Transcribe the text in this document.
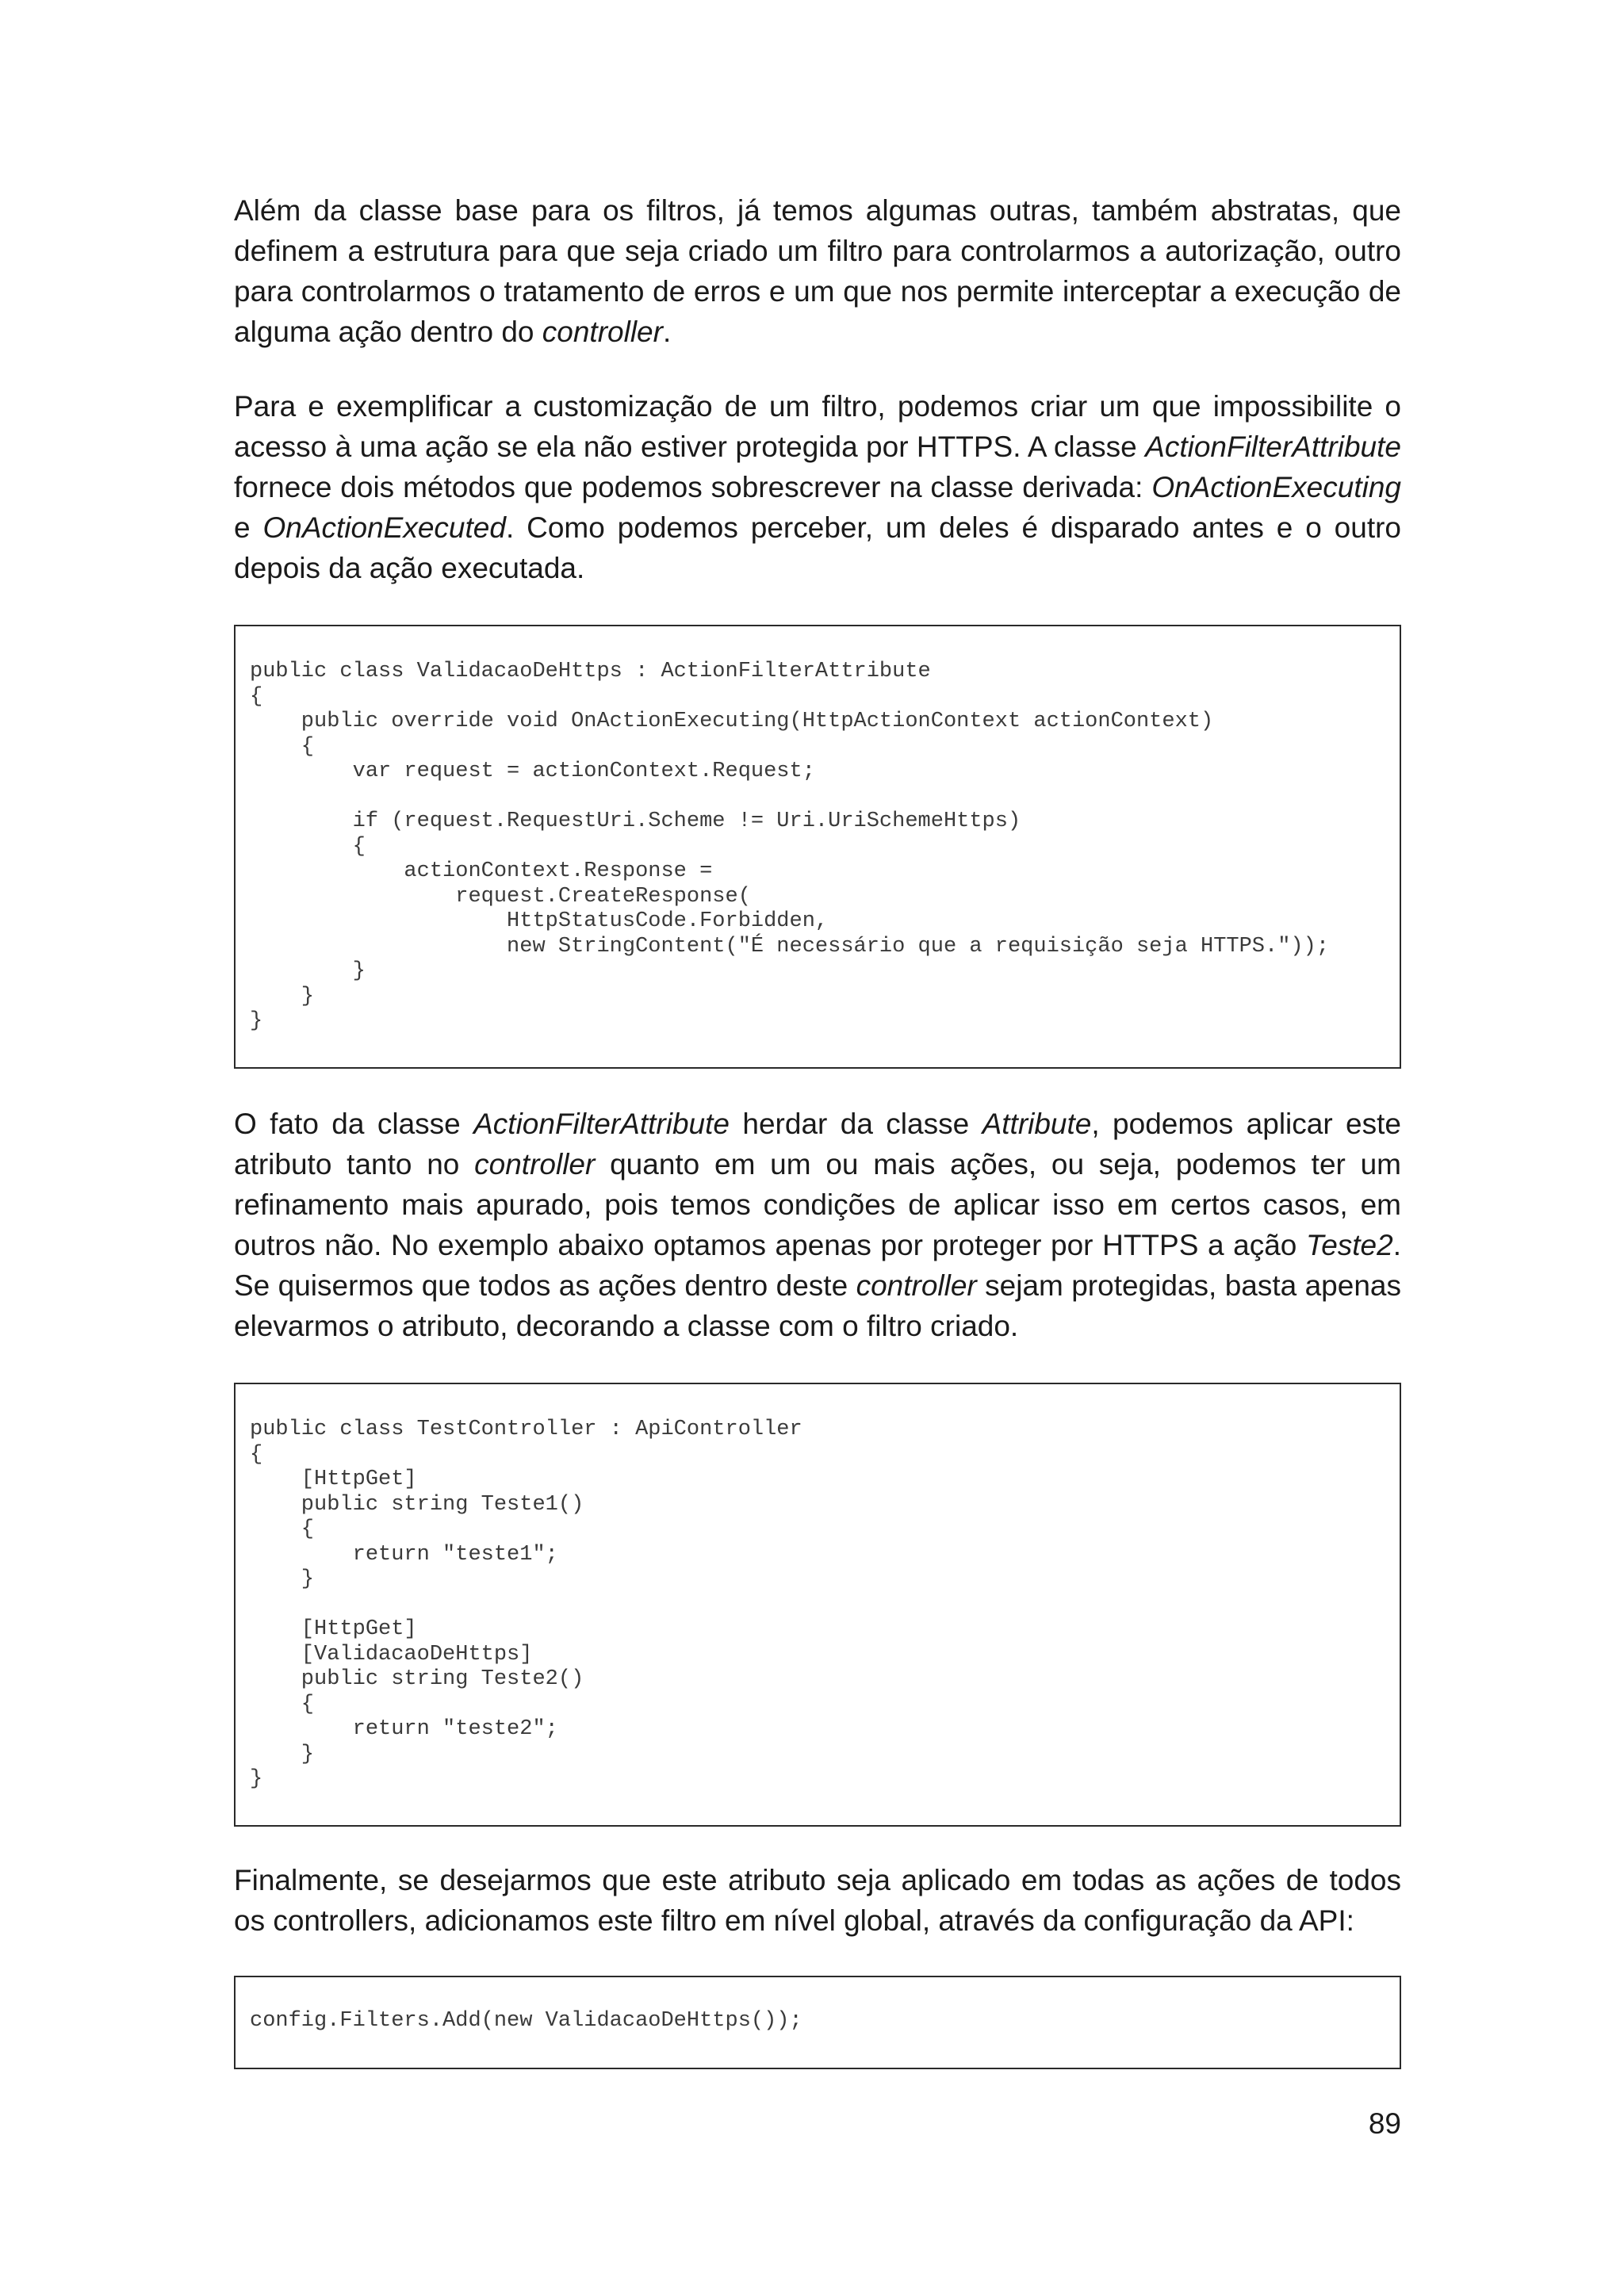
Além da classe base para os filtros, já temos algumas outras, também abstratas, que definem a estrutura para que seja criado um filtro para controlarmos a autorização, outro para controlarmos o tratamento de erros e um que nos permite interceptar a execução de alguma ação dentro do controller.

Para e exemplificar a customização de um filtro, podemos criar um que impossibilite o acesso à uma ação se ela não estiver protegida por HTTPS. A classe ActionFilterAttribute fornece dois métodos que podemos sobrescrever na classe derivada: OnActionExecuting e OnActionExecuted. Como podemos perceber, um deles é disparado antes e o outro depois da ação executada.

public class ValidacaoDeHttps : ActionFilterAttribute
{
public override void OnActionExecuting(HttpActionContext actionContext)
{
var request = actionContext.Request;
if (request.RequestUri.Scheme != Uri.UriSchemeHttps)
{
actionContext.Response =
request.CreateResponse(
HttpStatusCode.Forbidden,
new StringContent("É necessário que a requisição seja HTTPS."));
}
}
}

O fato da classe ActionFilterAttribute herdar da classe Attribute, podemos aplicar este atributo tanto no controller quanto em um ou mais ações, ou seja, podemos ter um refinamento mais apurado, pois temos condições de aplicar isso em certos casos, em outros não. No exemplo abaixo optamos apenas por proteger por HTTPS a ação Teste2. Se quisermos que todos as ações dentro deste controller sejam protegidas, basta apenas elevarmos o atributo, decorando a classe com o filtro criado.

public class TestController : ApiController
{
[HttpGet]
public string Teste1()
{
return "teste1";
}
[HttpGet]
[ValidacaoDeHttps]
public string Teste2()
{
return "teste2";
}
}

Finalmente, se desejarmos que este atributo seja aplicado em todas as ações de todos os controllers, adicionamos este filtro em nível global, através da configuração da API:

config.Filters.Add(new ValidacaoDeHttps());
89
